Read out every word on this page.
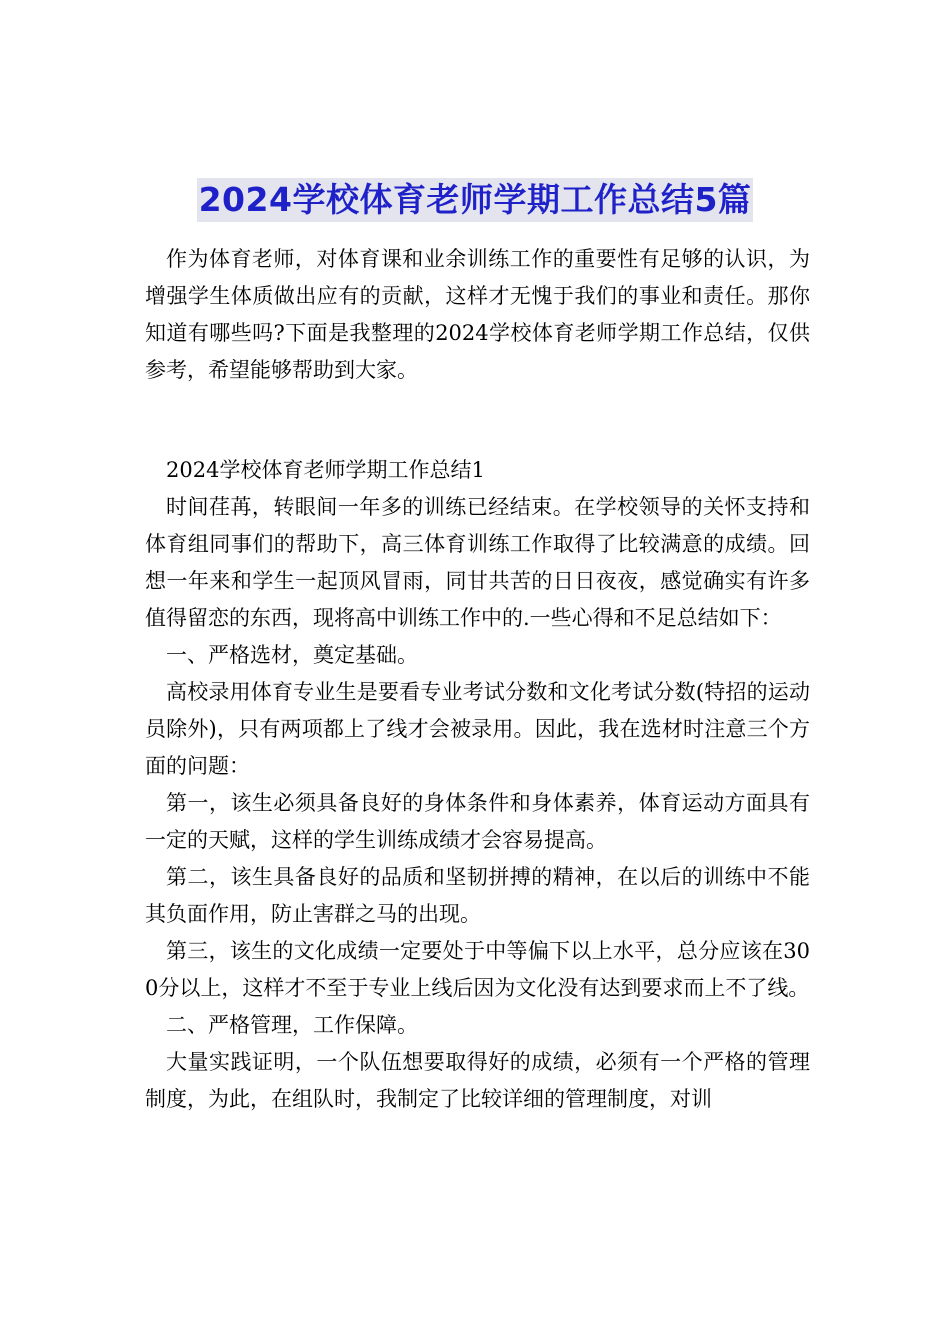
2024学校体育老师学期工作总结5篇

作为体育老师，对体育课和业余训练工作的重要性有足够的认识，为增强学生体质做出应有的贡献，这样才无愧于我们的事业和责任。那你知道有哪些吗?下面是我整理的2024学校体育老师学期工作总结，仅供参考，希望能够帮助到大家。

2024学校体育老师学期工作总结1

时间荏苒，转眼间一年多的训练已经结束。在学校领导的关怀支持和体育组同事们的帮助下，高三体育训练工作取得了比较满意的成绩。回想一年来和学生一起顶风冒雨，同甘共苦的日日夜夜，感觉确实有许多值得留恋的东西，现将高中训练工作中的.一些心得和不足总结如下：

一、严格选材，奠定基础。

高校录用体育专业生是要看专业考试分数和文化考试分数(特招的运动员除外)，只有两项都上了线才会被录用。因此，我在选材时注意三个方面的问题：

第一，该生必须具备良好的身体条件和身体素养，体育运动方面具有一定的天赋，这样的学生训练成绩才会容易提高。

第二，该生具备良好的品质和坚韧拼搏的精神，在以后的训练中不能其负面作用，防止害群之马的出现。

第三，该生的文化成绩一定要处于中等偏下以上水平，总分应该在300分以上，这样才不至于专业上线后因为文化没有达到要求而上不了线。

二、严格管理，工作保障。

大量实践证明，一个队伍想要取得好的成绩，必须有一个严格的管理制度，为此，在组队时，我制定了比较详细的管理制度，对训
